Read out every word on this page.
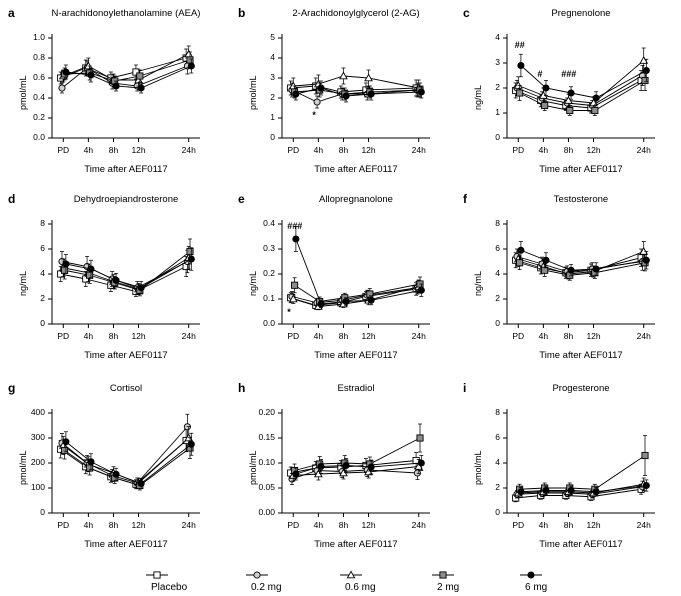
a	N-arachidonoylethanolamine (AEA)
pmol/mL
Time after AEF0117
0.0
0.2
0.4
0.6
0.8
1.0
PD	4h	8h	12h	24h
b	2-Arachidonoylglycerol (2-AG)
pmol/mL
Time after AEF0117
0
1
2
3
4
5
PD	4h	8h	12h	24h
*
c	Pregnenolone
ng/mL
Time after AEF0117
0
1
2
3
4
PD	4h	8h	12h	24h
##
# ###
d	Dehydroepiandrosterone
ng/mL
Time after AEF0117
0
2
4
6
8
PD	4h	8h	12h	24h
e	Allopregnanolone
ng/mL
Time after AEF0117
0.0
0.1
0.2
0.3
0.4
PD	4h	8h	12h	24h
###
*
f	Testosterone
ng/mL
Time after AEF0117
0
2
4
6
8
PD	4h	8h	12h	24h
g	Cortisol
pmol/mL
Time after AEF0117
0
100
200
300
400
PD	4h	8h	12h	24h
h	Estradiol
pmol/mL
Time after AEF0117
0.00
0.05
0.10
0.15
0.20
PD	4h	8h	12h	24h
i	Progesterone
pmol/mL
Time after AEF0117
0
2
4
6
8
PD	4h	8h	12h	24h
Placebo	0.2 mg	0.6 mg	2 mg	6 mg
